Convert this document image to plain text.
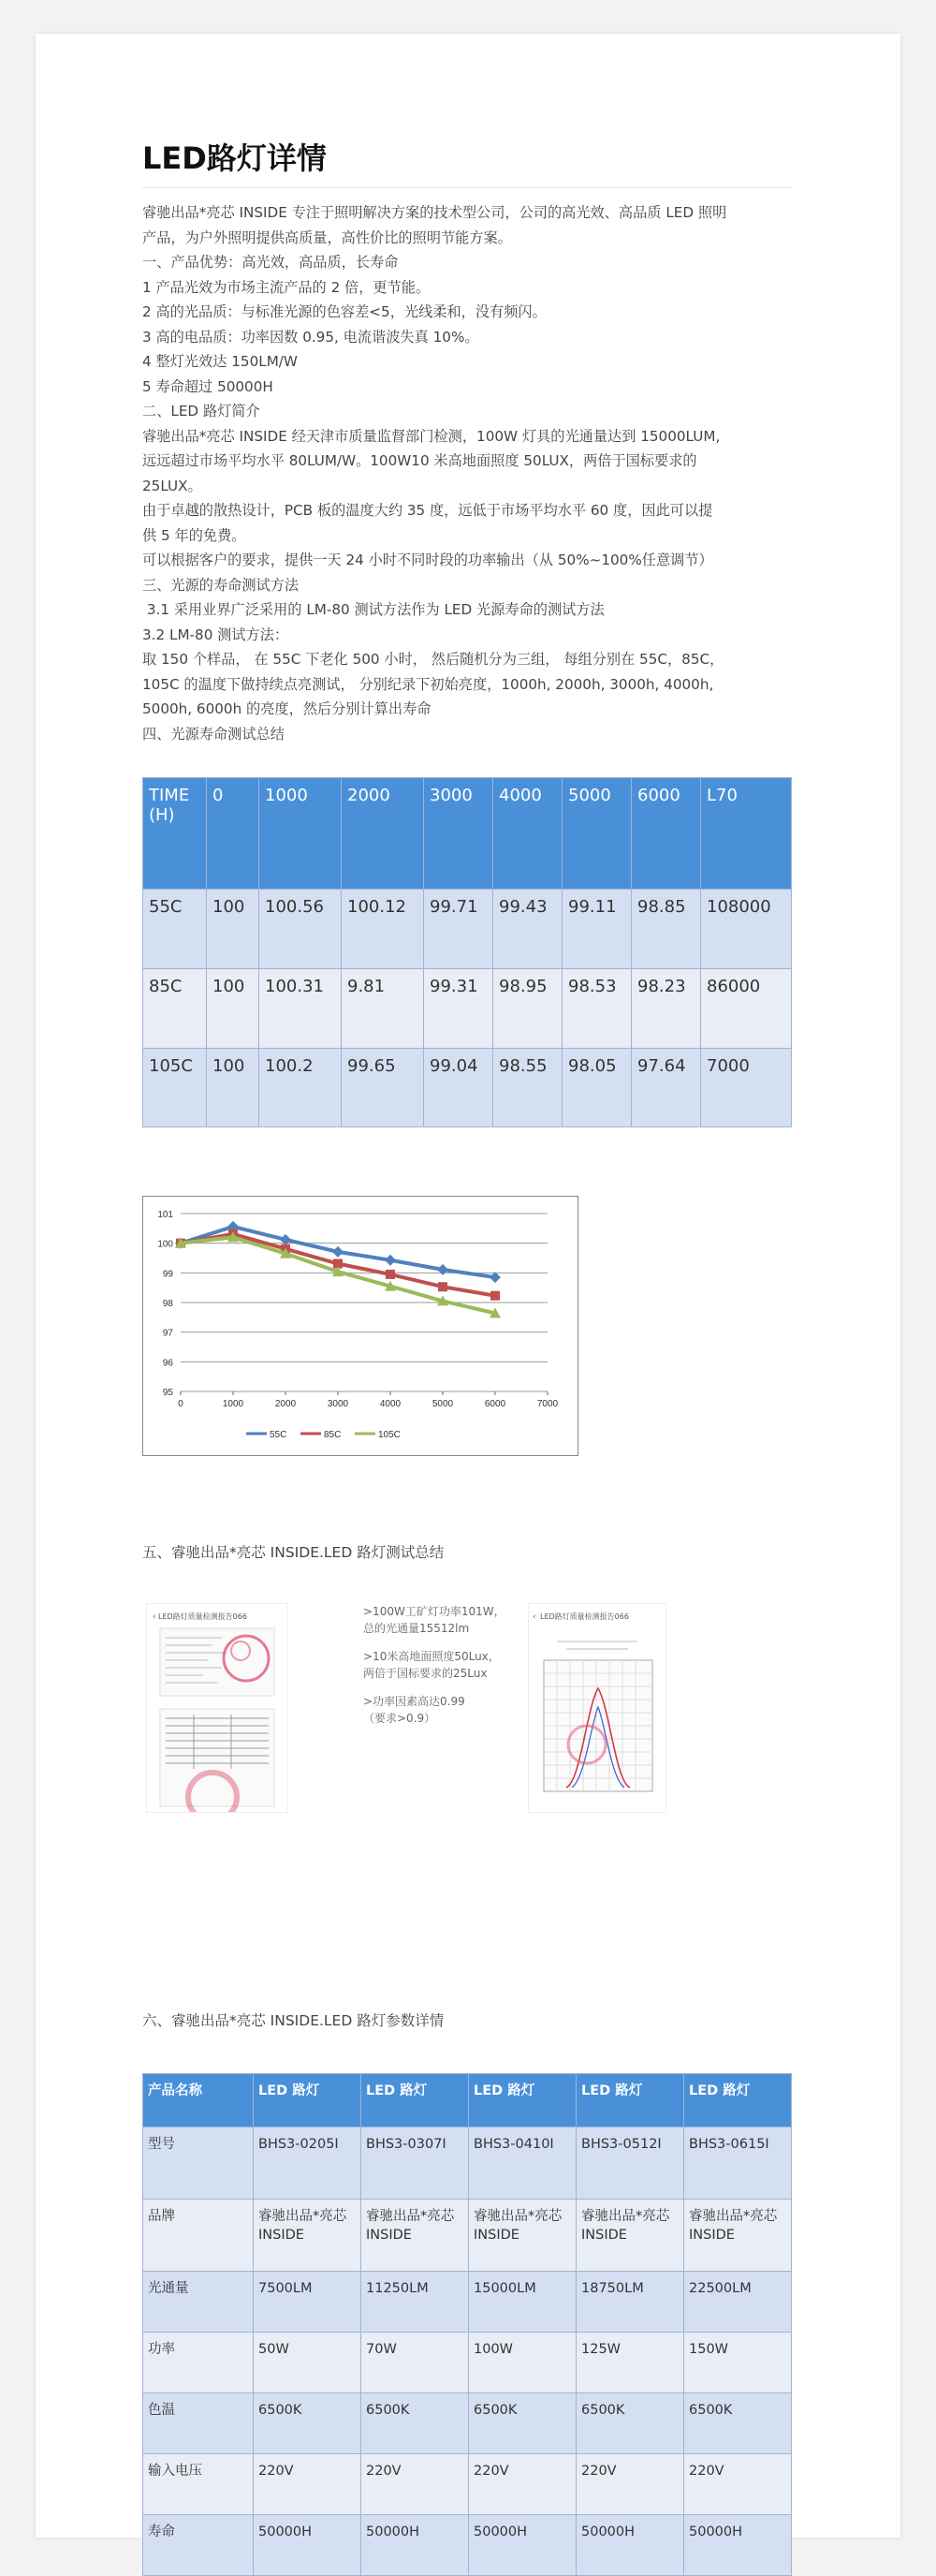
LED路灯详情

睿驰出品*亮芯 INSIDE 专注于照明解决方案的技术型公司，公司的高光效、高品质 LED 照明

产品，为户外照明提供高质量，高性价比的照明节能方案。

一、产品优势：高光效，高品质，长寿命

1 产品光效为市场主流产品的 2 倍，更节能。

2 高的光品质：与标准光源的色容差<5，光线柔和，没有频闪。

3 高的电品质：功率因数 0.95, 电流谐波失真 10%。

4 整灯光效达 150LM/W

5 寿命超过 50000H

二、LED 路灯简介

睿驰出品*亮芯 INSIDE 经天津市质量监督部门检测，100W 灯具的光通量达到 15000LUM,

远远超过市场平均水平 80LUM/W。100W10 米高地面照度 50LUX，两倍于国标要求的

25LUX。

由于卓越的散热设计，PCB 板的温度大约 35 度，远低于市场平均水平 60 度，因此可以提

供 5 年的免费。

可以根据客户的要求，提供一天 24 小时不同时段的功率输出（从 50%~100%任意调节）

三、光源的寿命测试方法

3.1 采用业界广泛采用的 LM-80 测试方法作为 LED 光源寿命的测试方法

3.2 LM-80 测试方法：

取 150 个样品， 在 55C 下老化 500 小时， 然后随机分为三组， 每组分别在 55C，85C，

105C 的温度下做持续点亮测试， 分别纪录下初始亮度，1000h, 2000h, 3000h, 4000h,

5000h, 6000h 的亮度，然后分别计算出寿命

四、光源寿命测试总结

TIME (H)	0	1000	2000	3000	4000	5000	6000	L70
55C	100	100.56	100.12	99.71	99.43	99.11	98.85	108000
85C	100	100.31	9.81	99.31	98.95	98.53	98.23	86000
105C	100	100.2	99.65	99.04	98.55	98.05	97.64	7000
101
100
99
98
97
96
95
0	1000	2000	3000	4000	5000	6000	7000
55C	85C	105C

五、睿驰出品*亮芯 INSIDE.LED 路灯测试总结

LED路灯质量检测报告066
‹	>100W工矿灯功率101W，
总的光通量15512lm

>10米高地面照度50Lux，
两倍于国标要求的25Lux

>功率因素高达0.99
（要求>0.9）

LED路灯质量检测报告066
‹

六、睿驰出品*亮芯 INSIDE.LED 路灯参数详情

产品名称	LED 路灯	LED 路灯	LED 路灯	LED 路灯	LED 路灯
型号	BHS3-0205I	BHS3-0307I	BHS3-0410I	BHS3-0512I	BHS3-0615I
品牌	睿驰出品*亮芯 INSIDE	睿驰出品*亮芯 INSIDE	睿驰出品*亮芯 INSIDE	睿驰出品*亮芯 INSIDE	睿驰出品*亮芯 INSIDE
光通量	7500LM	11250LM	15000LM	18750LM	22500LM
功率	50W	70W	100W	125W	150W
色温	6500K	6500K	6500K	6500K	6500K
输入电压	220V	220V	220V	220V	220V
寿命	50000H	50000H	50000H	50000H	50000H
